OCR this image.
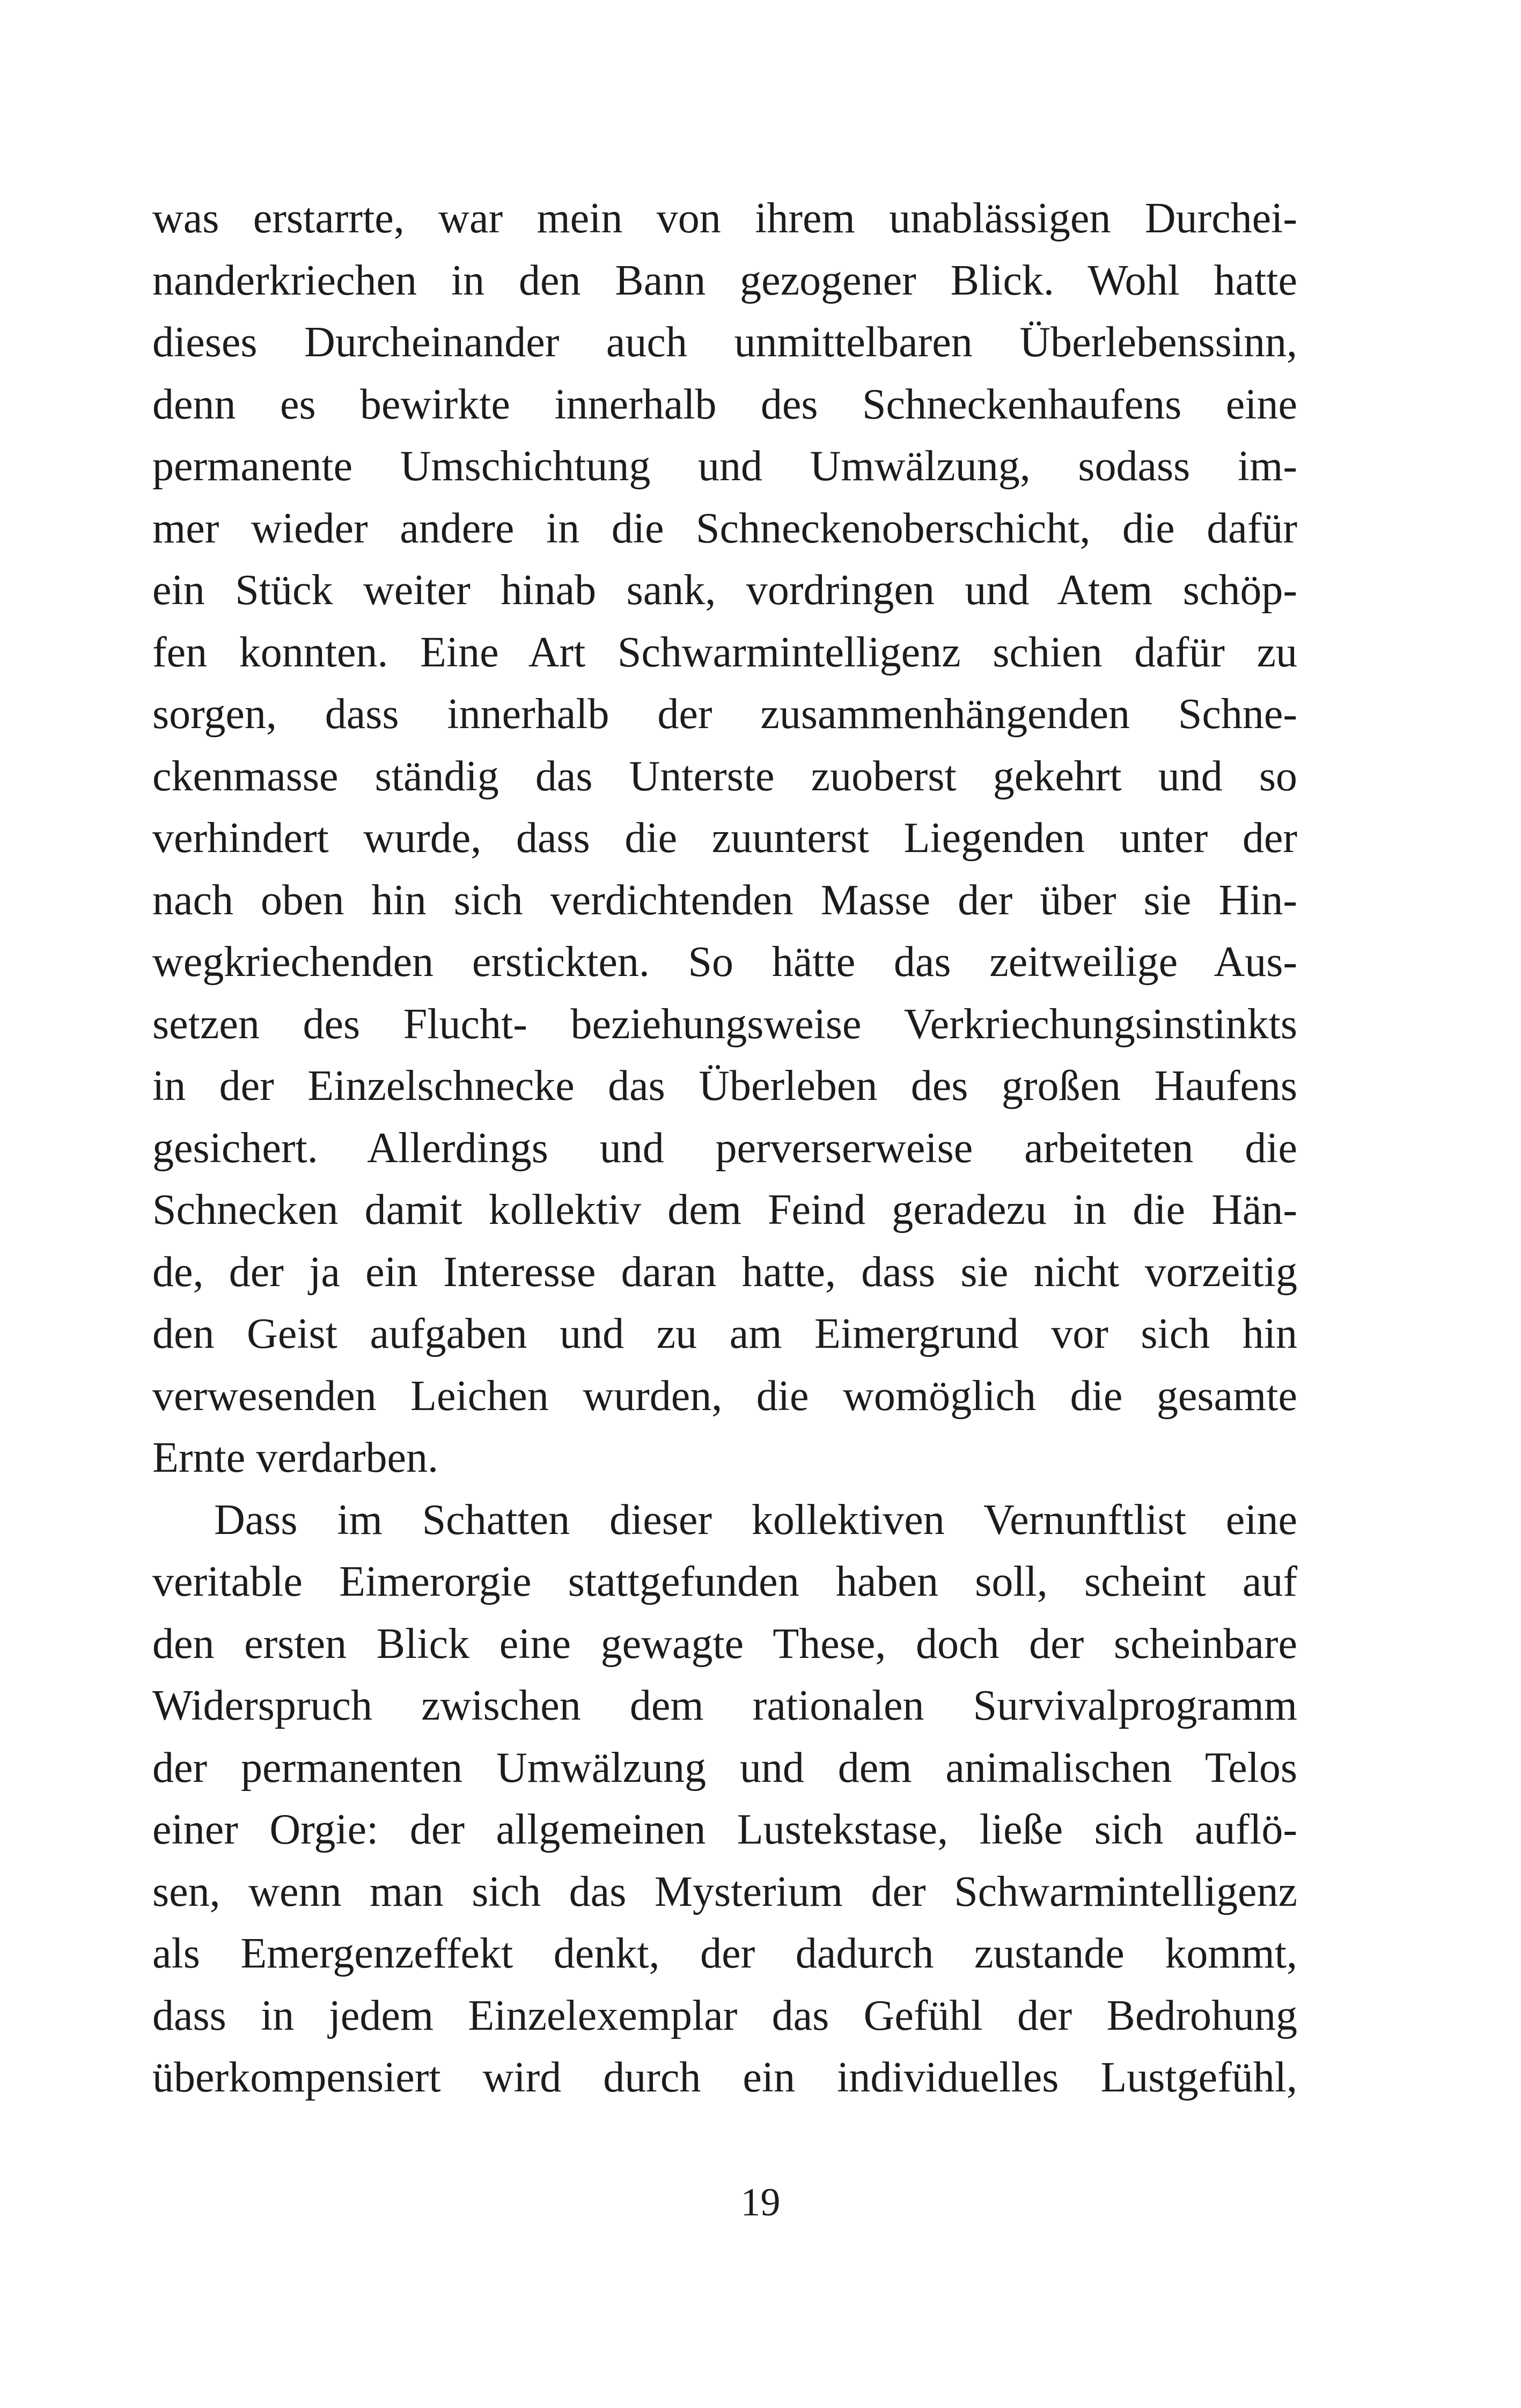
was erstarrte, war mein von ihrem unablässigen Durchei-
nanderkriechen in den Bann gezogener Blick. Wohl hatte
dieses Durcheinander auch unmittelbaren Überlebenssinn,
denn es bewirkte innerhalb des Schneckenhaufens eine
permanente Umschichtung und Umwälzung, sodass im-
mer wieder andere in die Schneckenoberschicht, die dafür
ein Stück weiter hinab sank, vordringen und Atem schöp-
fen konnten. Eine Art Schwarmintelligenz schien dafür zu
sorgen, dass innerhalb der zusammenhängenden Schne-
ckenmasse ständig das Unterste zuoberst gekehrt und so
verhindert wurde, dass die zuunterst Liegenden unter der
nach oben hin sich verdichtenden Masse der über sie Hin-
wegkriechenden erstickten. So hätte das zeitweilige Aus-
setzen des Flucht- beziehungsweise Verkriechungsinstinkts
in der Einzelschnecke das Überleben des großen Haufens
gesichert. Allerdings und perverserweise arbeiteten die
Schnecken damit kollektiv dem Feind geradezu in die Hän-
de, der ja ein Interesse daran hatte, dass sie nicht vorzeitig
den Geist aufgaben und zu am Eimergrund vor sich hin
verwesenden Leichen wurden, die womöglich die gesamte
Ernte verdarben.
Dass im Schatten dieser kollektiven Vernunftlist eine
veritable Eimerorgie stattgefunden haben soll, scheint auf
den ersten Blick eine gewagte These, doch der scheinbare
Widerspruch zwischen dem rationalen Survivalprogramm
der permanenten Umwälzung und dem animalischen Telos
einer Orgie: der allgemeinen Lustekstase, ließe sich auflö-
sen, wenn man sich das Mysterium der Schwarmintelligenz
als Emergenzeffekt denkt, der dadurch zustande kommt,
dass in jedem Einzelexemplar das Gefühl der Bedrohung
überkompensiert wird durch ein individuelles Lustgefühl,
19
